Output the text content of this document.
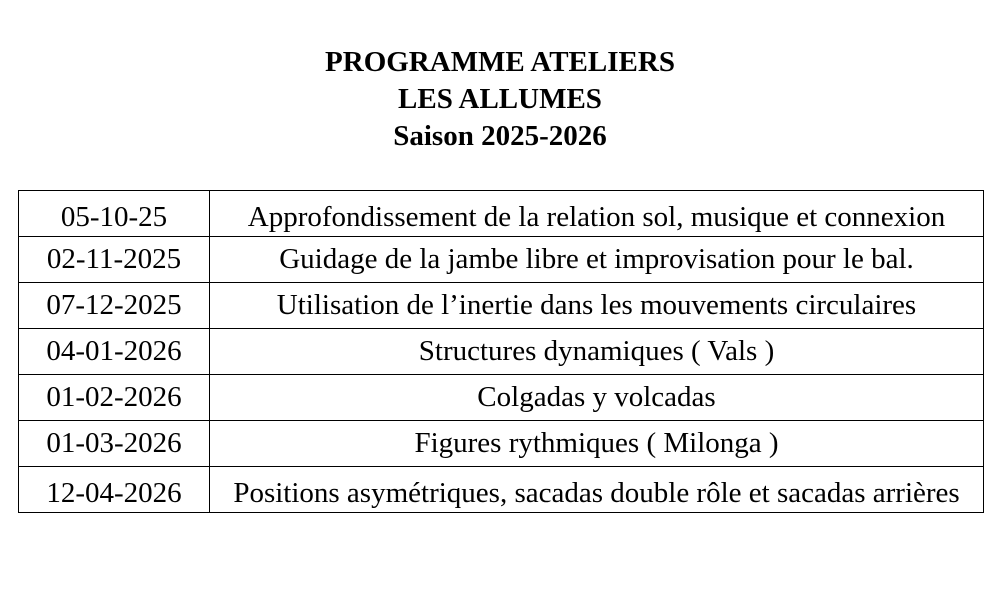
PROGRAMME ATELIERS
LES ALLUMES
Saison 2025-2026
05-10-25	Approfondissement de la relation sol, musique et connexion
02-11-2025	Guidage de la jambe libre et improvisation pour le bal.
07-12-2025	Utilisation de l’inertie dans les mouvements circulaires
04-01-2026	Structures dynamiques ( Vals )
01-02-2026	Colgadas y volcadas
01-03-2026	Figures rythmiques ( Milonga )
12-04-2026	Positions asymétriques, sacadas double rôle et sacadas arrières
